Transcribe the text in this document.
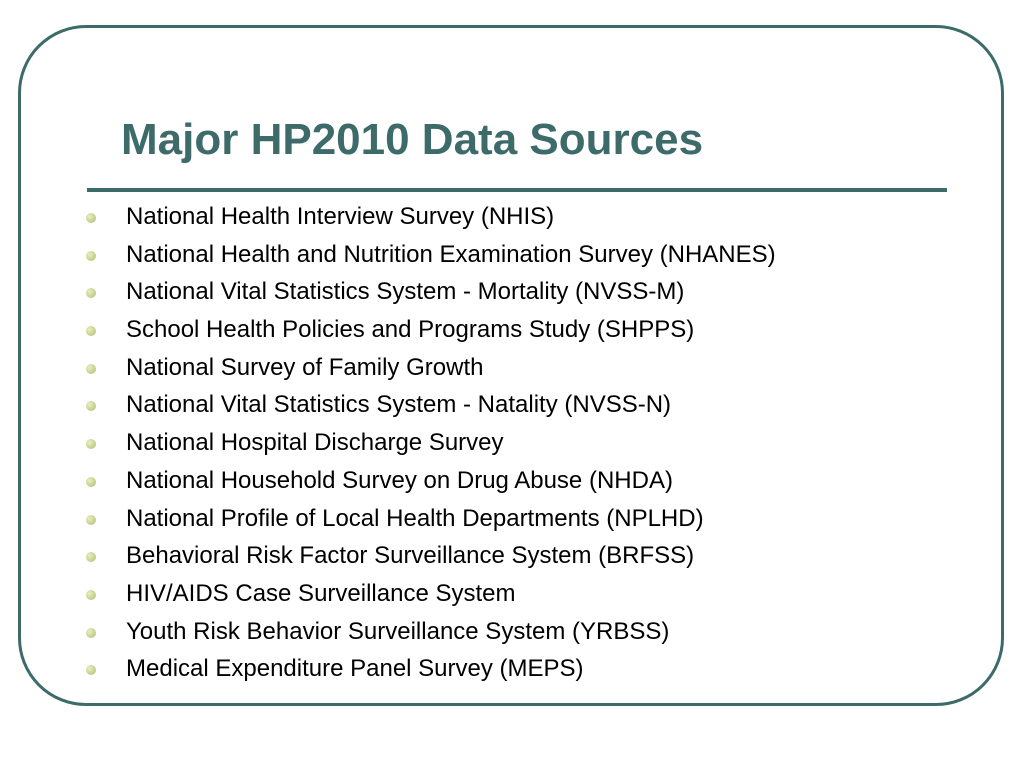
Major HP2010 Data Sources
National Health Interview Survey (NHIS)
National Health and Nutrition Examination Survey (NHANES)
National Vital Statistics System - Mortality (NVSS-M)
School Health Policies and Programs Study (SHPPS)
National Survey of Family Growth
National Vital Statistics System - Natality (NVSS-N)
National Hospital Discharge Survey
National Household Survey on Drug Abuse (NHDA)
National Profile of Local Health Departments (NPLHD)
Behavioral Risk Factor Surveillance System (BRFSS)
HIV/AIDS Case Surveillance System
Youth Risk Behavior Surveillance System (YRBSS)
Medical Expenditure Panel Survey (MEPS)
